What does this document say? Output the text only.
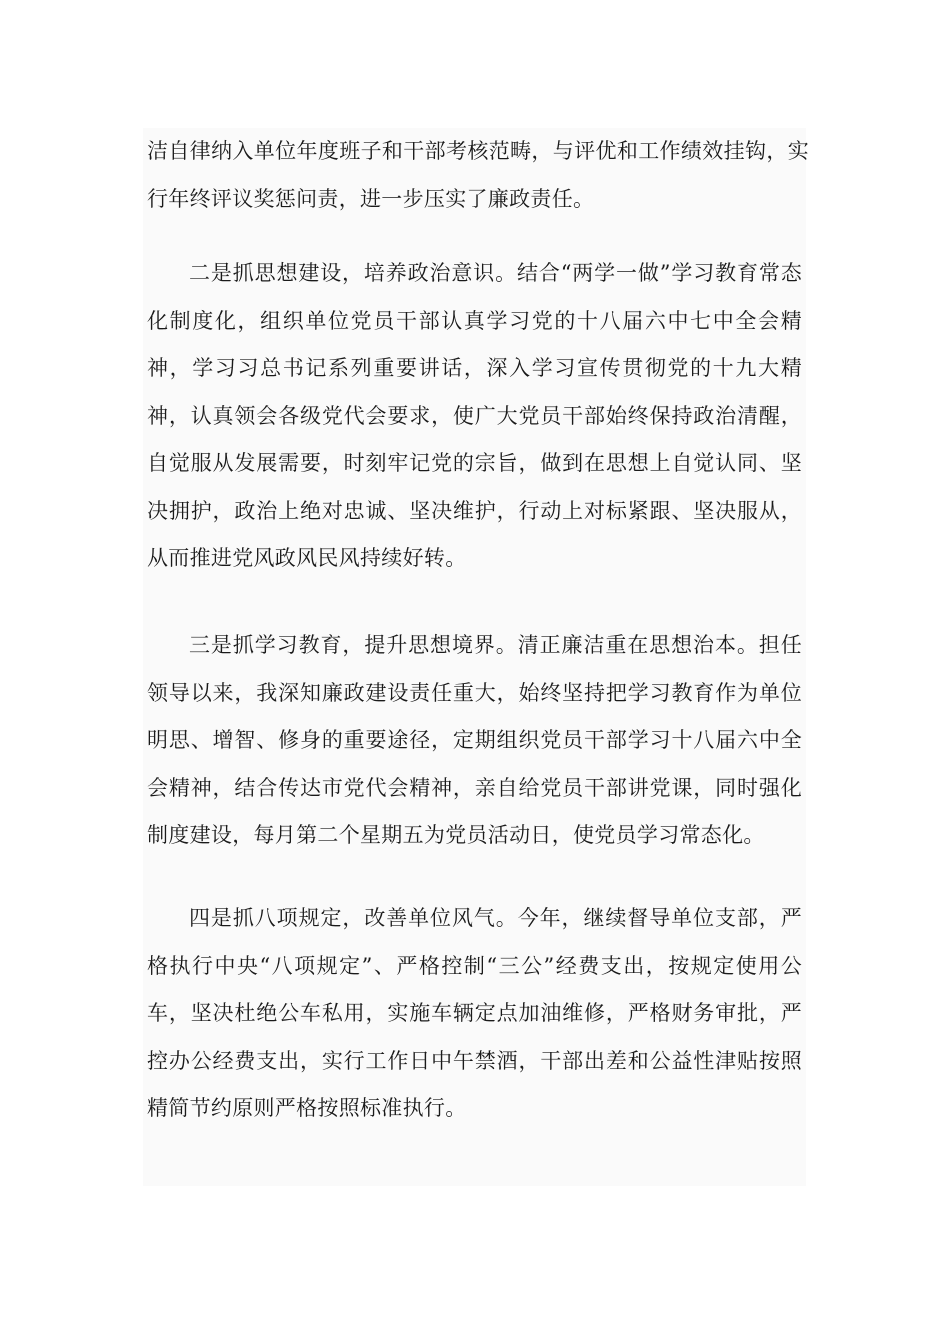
洁自律纳入单位年度班子和干部考核范畴，与评优和工作绩效挂钩，实行年终评议奖惩问责，进一步压实了廉政责任。

二是抓思想建设，培养政治意识。结合“两学一做”学习教育常态化制度化，组织单位党员干部认真学习党的十八届六中七中全会精神，学习习总书记系列重要讲话，深入学习宣传贯彻党的十九大精神，认真领会各级党代会要求，使广大党员干部始终保持政治清醒，自觉服从发展需要，时刻牢记党的宗旨，做到在思想上自觉认同、坚决拥护，政治上绝对忠诚、坚决维护，行动上对标紧跟、坚决服从，从而推进党风政风民风持续好转。

三是抓学习教育，提升思想境界。清正廉洁重在思想治本。担任领导以来，我深知廉政建设责任重大，始终坚持把学习教育作为单位明思、增智、修身的重要途径，定期组织党员干部学习十八届六中全会精神，结合传达市党代会精神，亲自给党员干部讲党课，同时强化制度建设，每月第二个星期五为党员活动日，使党员学习常态化。

四是抓八项规定，改善单位风气。今年，继续督导单位支部，严格执行中央“八项规定”、严格控制“三公”经费支出，按规定使用公车，坚决杜绝公车私用，实施车辆定点加油维修，严格财务审批，严控办公经费支出，实行工作日中午禁酒，干部出差和公益性津贴按照精简节约原则严格按照标准执行。
